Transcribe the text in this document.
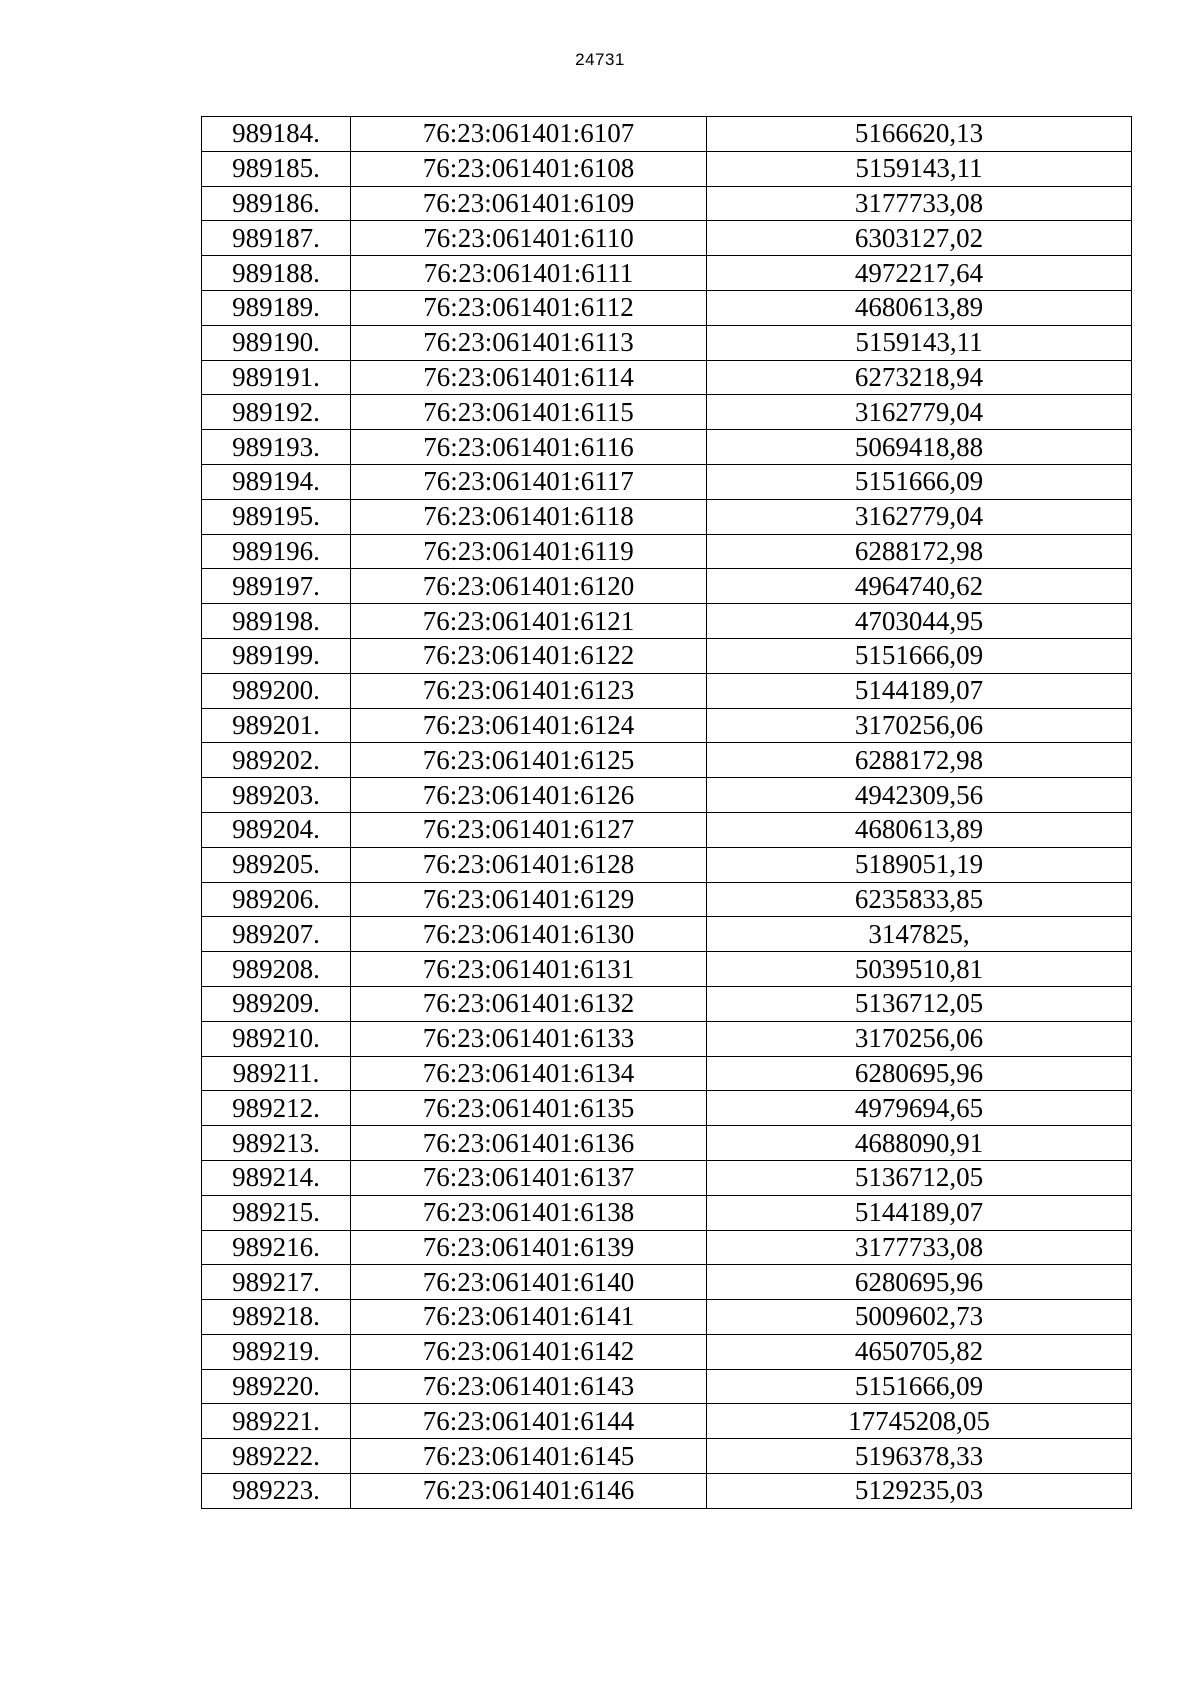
24731
989184.	76:23:061401:6107	5166620,13
989185.	76:23:061401:6108	5159143,11
989186.	76:23:061401:6109	3177733,08
989187.	76:23:061401:6110	6303127,02
989188.	76:23:061401:6111	4972217,64
989189.	76:23:061401:6112	4680613,89
989190.	76:23:061401:6113	5159143,11
989191.	76:23:061401:6114	6273218,94
989192.	76:23:061401:6115	3162779,04
989193.	76:23:061401:6116	5069418,88
989194.	76:23:061401:6117	5151666,09
989195.	76:23:061401:6118	3162779,04
989196.	76:23:061401:6119	6288172,98
989197.	76:23:061401:6120	4964740,62
989198.	76:23:061401:6121	4703044,95
989199.	76:23:061401:6122	5151666,09
989200.	76:23:061401:6123	5144189,07
989201.	76:23:061401:6124	3170256,06
989202.	76:23:061401:6125	6288172,98
989203.	76:23:061401:6126	4942309,56
989204.	76:23:061401:6127	4680613,89
989205.	76:23:061401:6128	5189051,19
989206.	76:23:061401:6129	6235833,85
989207.	76:23:061401:6130	3147825,
989208.	76:23:061401:6131	5039510,81
989209.	76:23:061401:6132	5136712,05
989210.	76:23:061401:6133	3170256,06
989211.	76:23:061401:6134	6280695,96
989212.	76:23:061401:6135	4979694,65
989213.	76:23:061401:6136	4688090,91
989214.	76:23:061401:6137	5136712,05
989215.	76:23:061401:6138	5144189,07
989216.	76:23:061401:6139	3177733,08
989217.	76:23:061401:6140	6280695,96
989218.	76:23:061401:6141	5009602,73
989219.	76:23:061401:6142	4650705,82
989220.	76:23:061401:6143	5151666,09
989221.	76:23:061401:6144	17745208,05
989222.	76:23:061401:6145	5196378,33
989223.	76:23:061401:6146	5129235,03
